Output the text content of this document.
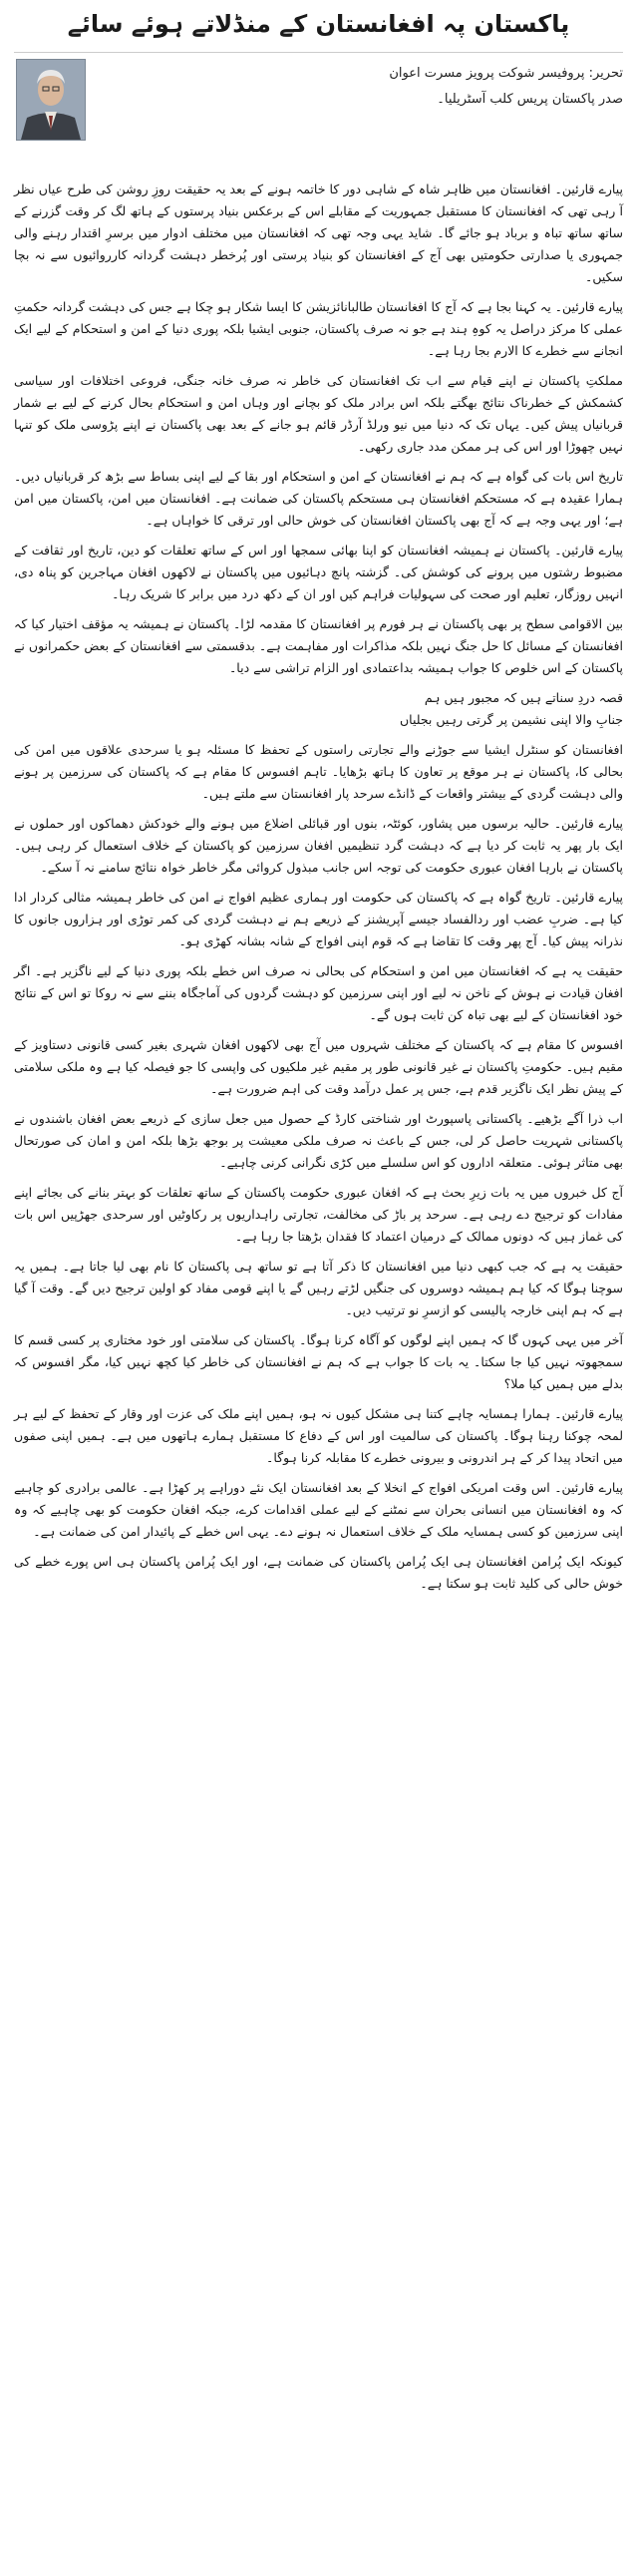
پاکستان پہ افغانستان کے منڈلاتے ہوئے سائے
تحریر: پروفیسر شوکت پرویز مسرت اعوان
صدر پاکستان پریس کلب آسٹریلیا۔

پیارے قارئین۔ افغانستان میں ظاہر شاہ کے شاہی دور کا خاتمہ ہونے کے بعد یہ حقیقت روزِ روشن کی طرح عیاں نظر آ رہی تھی کہ افغانستان کا مستقبل جمہوریت کے مقابلے اس کے برعکس بنیاد پرستوں کے ہاتھ لگ کر وقت گزرنے کے ساتھ ساتھ تباہ و برباد ہو جائے گا۔ شاید یہی وجہ تھی کہ افغانستان میں مختلف ادوار میں برسرِ اقتدار رہنے والی جمہوری یا صدارتی حکومتیں بھی آج کے افغانستان کو بنیاد پرستی اور پُرخطر دہشت گردانہ کارروائیوں سے نہ بچا سکیں۔

پیارے قارئین۔ یہ کہنا بجا ہے کہ آج کا افغانستان طالبانائزیشن کا ایسا شکار ہو چکا ہے جس کی دہشت گردانہ حکمتِ عملی کا مرکز دراصل یہ کوہِ ہند ہے جو نہ صرف پاکستان، جنوبی ایشیا بلکہ پوری دنیا کے امن و استحکام کے لیے ایک انجانے سے خطرے کا الارم بجا رہا ہے۔

مملکتِ پاکستان نے اپنے قیام سے اب تک افغانستان کی خاطر نہ صرف خانہ جنگی، فروعی اختلافات اور سیاسی کشمکش کے خطرناک نتائج بھگتے بلکہ اس برادر ملک کو بچانے اور وہاں امن و استحکام بحال کرنے کے لیے بے شمار قربانیاں پیش کیں۔ یہاں تک کہ دنیا میں نیو ورلڈ آرڈر قائم ہو جانے کے بعد بھی پاکستان نے اپنے پڑوسی ملک کو تنہا نہیں چھوڑا اور اس کی ہر ممکن مدد جاری رکھی۔

تاریخ اس بات کی گواہ ہے کہ ہم نے افغانستان کے امن و استحکام اور بقا کے لیے اپنی بساط سے بڑھ کر قربانیاں دیں۔ ہمارا عقیدہ ہے کہ مستحکم افغانستان ہی مستحکم پاکستان کی ضمانت ہے۔ افغانستان میں امن، پاکستان میں امن ہے؛ اور یہی وجہ ہے کہ آج بھی پاکستان افغانستان کی خوش حالی اور ترقی کا خواہاں ہے۔

پیارے قارئین۔ پاکستان نے ہمیشہ افغانستان کو اپنا بھائی سمجھا اور اس کے ساتھ تعلقات کو دین، تاریخ اور ثقافت کے مضبوط رشتوں میں پرونے کی کوشش کی۔ گزشتہ پانچ دہائیوں میں پاکستان نے لاکھوں افغان مہاجرین کو پناہ دی، انہیں روزگار، تعلیم اور صحت کی سہولیات فراہم کیں اور ان کے دکھ درد میں برابر کا شریک رہا۔

بین الاقوامی سطح پر بھی پاکستان نے ہر فورم پر افغانستان کا مقدمہ لڑا۔ پاکستان نے ہمیشہ یہ مؤقف اختیار کیا کہ افغانستان کے مسائل کا حل جنگ نہیں بلکہ مذاکرات اور مفاہمت ہے۔ بدقسمتی سے افغانستان کے بعض حکمرانوں نے پاکستان کے اس خلوص کا جواب ہمیشہ بداعتمادی اور الزام تراشی سے دیا۔

قصہ دردِ سناتے ہیں کہ مجبور ہیں ہم
جنابِ والا اپنی نشیمن پر گرتی رہیں بجلیاں

افغانستان کو سنٹرل ایشیا سے جوڑنے والے تجارتی راستوں کے تحفظ کا مسئلہ ہو یا سرحدی علاقوں میں امن کی بحالی کا، پاکستان نے ہر موقع پر تعاون کا ہاتھ بڑھایا۔ تاہم افسوس کا مقام ہے کہ پاکستان کی سرزمین پر ہونے والی دہشت گردی کے بیشتر واقعات کے ڈانڈے سرحد پار افغانستان سے ملتے ہیں۔

پیارے قارئین۔ حالیہ برسوں میں پشاور، کوئٹہ، بنوں اور قبائلی اضلاع میں ہونے والے خودکش دھماکوں اور حملوں نے ایک بار پھر یہ ثابت کر دیا ہے کہ دہشت گرد تنظیمیں افغان سرزمین کو پاکستان کے خلاف استعمال کر رہی ہیں۔ پاکستان نے بارہا افغان عبوری حکومت کی توجہ اس جانب مبذول کروائی مگر خاطر خواہ نتائج سامنے نہ آ سکے۔

پیارے قارئین۔ تاریخ گواہ ہے کہ پاکستان کی حکومت اور ہماری عظیم افواج نے امن کی خاطر ہمیشہ مثالی کردار ادا کیا ہے۔ ضربِ عضب اور ردالفساد جیسے آپریشنز کے ذریعے ہم نے دہشت گردی کی کمر توڑی اور ہزاروں جانوں کا نذرانہ پیش کیا۔ آج پھر وقت کا تقاضا ہے کہ قوم اپنی افواج کے شانہ بشانہ کھڑی ہو۔

حقیقت یہ ہے کہ افغانستان میں امن و استحکام کی بحالی نہ صرف اس خطے بلکہ پوری دنیا کے لیے ناگزیر ہے۔ اگر افغان قیادت نے ہوش کے ناخن نہ لیے اور اپنی سرزمین کو دہشت گردوں کی آماجگاہ بننے سے نہ روکا تو اس کے نتائج خود افغانستان کے لیے بھی تباہ کن ثابت ہوں گے۔

افسوس کا مقام ہے کہ پاکستان کے مختلف شہروں میں آج بھی لاکھوں افغان شہری بغیر کسی قانونی دستاویز کے مقیم ہیں۔ حکومتِ پاکستان نے غیر قانونی طور پر مقیم غیر ملکیوں کی واپسی کا جو فیصلہ کیا ہے وہ ملکی سلامتی کے پیش نظر ایک ناگزیر قدم ہے، جس پر عمل درآمد وقت کی اہم ضرورت ہے۔

اب ذرا آگے بڑھیے۔ پاکستانی پاسپورٹ اور شناختی کارڈ کے حصول میں جعل سازی کے ذریعے بعض افغان باشندوں نے پاکستانی شہریت حاصل کر لی، جس کے باعث نہ صرف ملکی معیشت پر بوجھ بڑھا بلکہ امن و امان کی صورتحال بھی متاثر ہوئی۔ متعلقہ اداروں کو اس سلسلے میں کڑی نگرانی کرنی چاہیے۔

آج کل خبروں میں یہ بات زیرِ بحث ہے کہ افغان عبوری حکومت پاکستان کے ساتھ تعلقات کو بہتر بنانے کی بجائے اپنے مفادات کو ترجیح دے رہی ہے۔ سرحد پر باڑ کی مخالفت، تجارتی راہداریوں پر رکاوٹیں اور سرحدی جھڑپیں اس بات کی غماز ہیں کہ دونوں ممالک کے درمیان اعتماد کا فقدان بڑھتا جا رہا ہے۔

حقیقت یہ ہے کہ جب کبھی دنیا میں افغانستان کا ذکر آتا ہے تو ساتھ ہی پاکستان کا نام بھی لیا جاتا ہے۔ ہمیں یہ سوچنا ہوگا کہ کیا ہم ہمیشہ دوسروں کی جنگیں لڑتے رہیں گے یا اپنے قومی مفاد کو اولین ترجیح دیں گے۔ وقت آ گیا ہے کہ ہم اپنی خارجہ پالیسی کو ازسرِ نو ترتیب دیں۔

آخر میں یہی کہوں گا کہ ہمیں اپنے لوگوں کو آگاہ کرنا ہوگا۔ پاکستان کی سلامتی اور خود مختاری پر کسی قسم کا سمجھوتہ نہیں کیا جا سکتا۔ یہ بات کا جواب ہے کہ ہم نے افغانستان کی خاطر کیا کچھ نہیں کیا، مگر افسوس کہ بدلے میں ہمیں کیا ملا؟

پیارے قارئین۔ ہمارا ہمسایہ چاہے کتنا ہی مشکل کیوں نہ ہو، ہمیں اپنے ملک کی عزت اور وقار کے تحفظ کے لیے ہر لمحہ چوکنا رہنا ہوگا۔ پاکستان کی سالمیت اور اس کے دفاع کا مستقبل ہمارے ہاتھوں میں ہے۔ ہمیں اپنی صفوں میں اتحاد پیدا کر کے ہر اندرونی و بیرونی خطرے کا مقابلہ کرنا ہوگا۔

پیارے قارئین۔ اس وقت امریکی افواج کے انخلا کے بعد افغانستان ایک نئے دوراہے پر کھڑا ہے۔ عالمی برادری کو چاہیے کہ وہ افغانستان میں انسانی بحران سے نمٹنے کے لیے عملی اقدامات کرے، جبکہ افغان حکومت کو بھی چاہیے کہ وہ اپنی سرزمین کو کسی ہمسایہ ملک کے خلاف استعمال نہ ہونے دے۔ یہی اس خطے کے پائیدار امن کی ضمانت ہے۔

کیونکہ ایک پُرامن افغانستان ہی ایک پُرامن پاکستان کی ضمانت ہے، اور ایک پُرامن پاکستان ہی اس پورے خطے کی خوش حالی کی کلید ثابت ہو سکتا ہے۔
